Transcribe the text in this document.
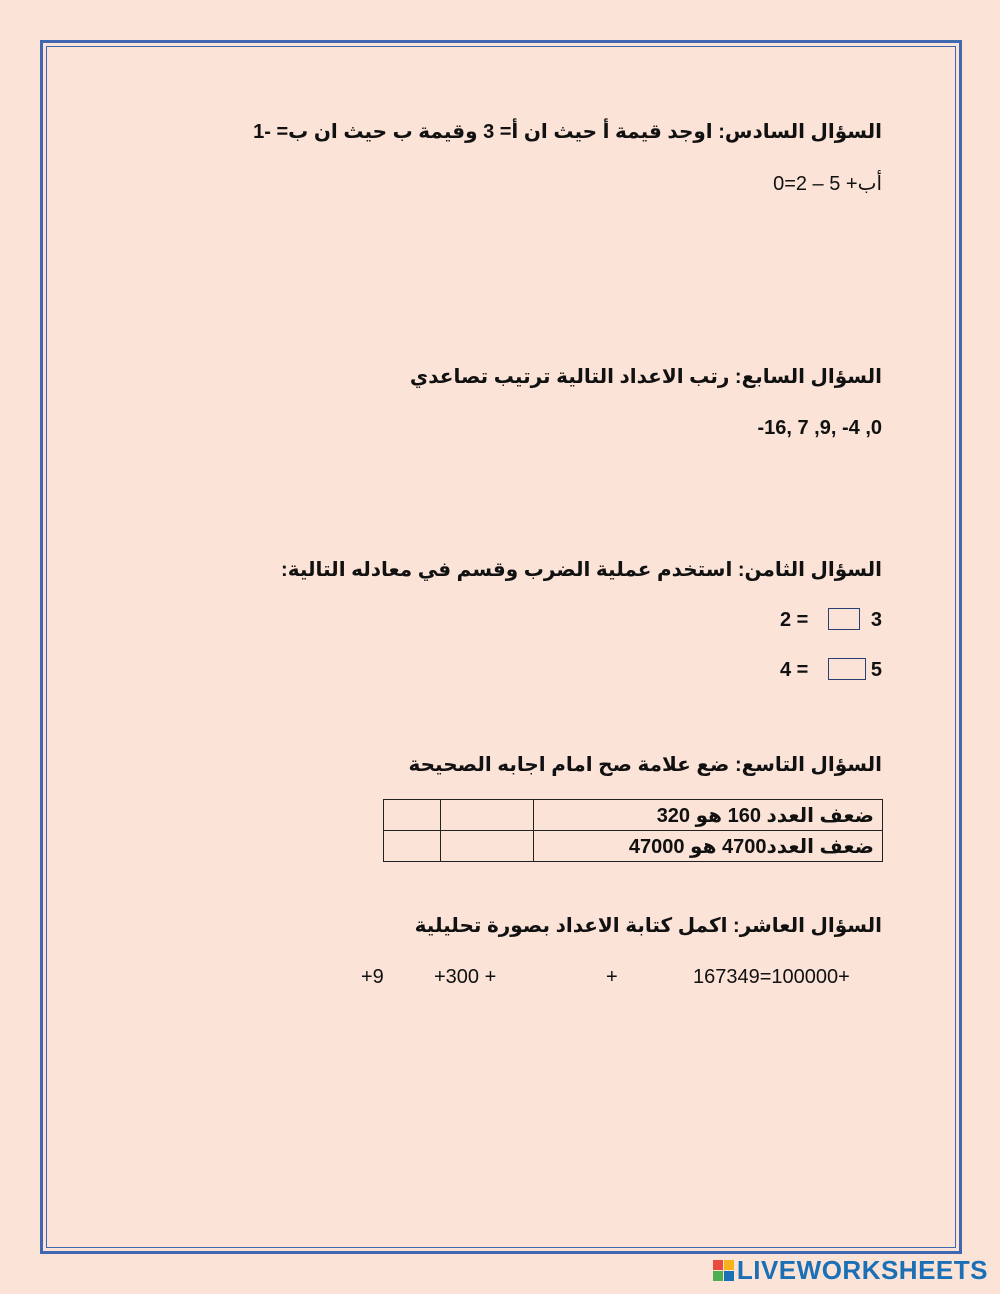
السؤال السادس: اوجد قيمة أ حيث ان أ= 3 وقيمة ب حيث ان ب= -1
أب+ 5 – 2=0
السؤال السابع: رتب الاعداد التالية ترتيب تصاعدي
-16, 7 ,9, -4 ,0
السؤال الثامن: استخدم عملية الضرب وقسم في معادله التالية:
3
2 =
5
4 =
السؤال التاسع: ضع علامة صح امام اجابه الصحيحة
ضعف العدد 160 هو 320		
ضعف العدد4700 هو 47000		
السؤال العاشر: اكمل كتابة الاعداد بصورة تحليلية
167349=100000+
+
+300 +
+9
LIVEWORKSHEETS
